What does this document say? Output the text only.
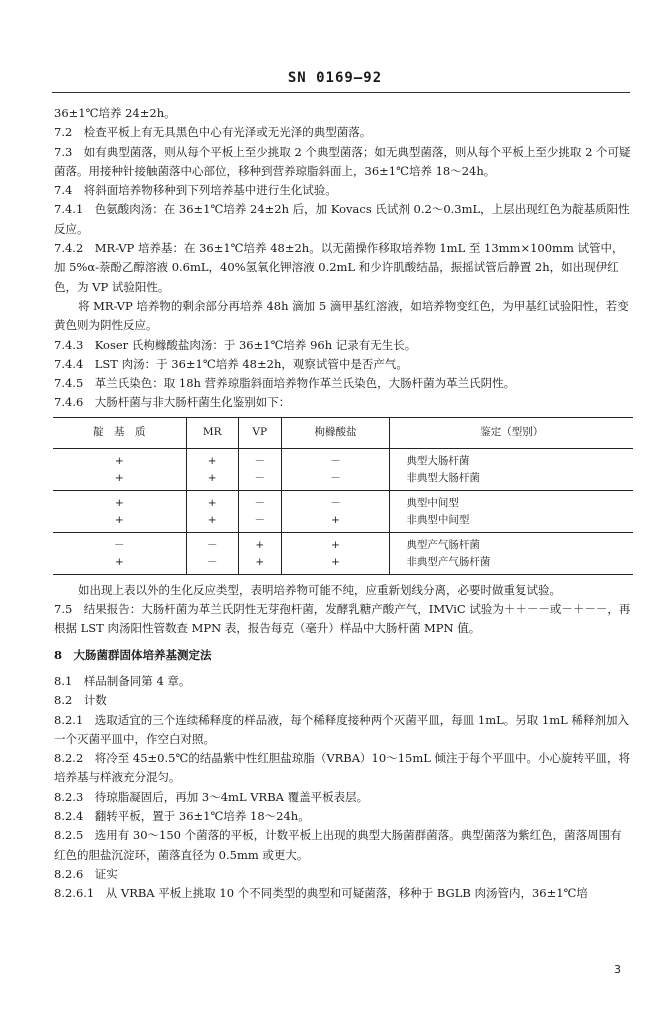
SN 0169—92

36±1℃培养 24±2h。

7.2　检查平板上有无具黑色中心有光泽或无光泽的典型菌落。

7.3　如有典型菌落，则从每个平板上至少挑取 2 个典型菌落；如无典型菌落，则从每个平板上至少挑取 2 个可疑菌落。用接种针接触菌落中心部位，移种到营养琼脂斜面上，36±1℃培养 18～24h。

7.4　将斜面培养物移种到下列培养基中进行生化试验。

7.4.1　色氨酸肉汤：在 36±1℃培养 24±2h 后，加 Kovacs 氏试剂 0.2～0.3mL，上层出现红色为靛基质阳性反应。

7.4.2　MR-VP 培养基：在 36±1℃培养 48±2h。以无菌操作移取培养物 1mL 至 13mm×100mm 试管中，加 5%α-萘酚乙醇溶液 0.6mL，40%氢氧化钾溶液 0.2mL 和少许肌酸结晶，振摇试管后静置 2h，如出现伊红色，为 VP 试验阳性。

将 MR-VP 培养物的剩余部分再培养 48h 滴加 5 滴甲基红溶液，如培养物变红色，为甲基红试验阳性，若变黄色则为阴性反应。

7.4.3　Koser 氏枸橼酸盐肉汤：于 36±1℃培养 96h 记录有无生长。

7.4.4　LST 肉汤：于 36±1℃培养 48±2h，观察试管中是否产气。

7.4.5　革兰氏染色：取 18h 营养琼脂斜面培养物作革兰氏染色，大肠杆菌为革兰氏阴性。

7.4.6　大肠杆菌与非大肠杆菌生化鉴别如下：

靛　基　质	MR	VP	枸橼酸盐	鉴定（型别）
+	+	－	－	典型大肠杆菌
+	+	－	－	非典型大肠杆菌
+	+	－	－	典型中间型
+	+	－	+	非典型中间型
－	－	+	+	典型产气肠杆菌
+	－	+	+	非典型产气肠杆菌

如出现上表以外的生化反应类型，表明培养物可能不纯，应重新划线分离，必要时做重复试验。

7.5　结果报告：大肠杆菌为革兰氏阴性无芽孢杆菌，发酵乳糖产酸产气，IMViC 试验为＋＋－－或－＋－－，再根据 LST 肉汤阳性管数查 MPN 表，报告每克（毫升）样品中大肠杆菌 MPN 值。

8　大肠菌群固体培养基测定法

8.1　样品制备同第 4 章。

8.2　计数

8.2.1　选取适宜的三个连续稀释度的样品液，每个稀释度接种两个灭菌平皿，每皿 1mL。另取 1mL 稀释剂加入一个灭菌平皿中，作空白对照。

8.2.2　将冷至 45±0.5℃的结晶紫中性红胆盐琼脂（VRBA）10～15mL 倾注于每个平皿中。小心旋转平皿，将培养基与样液充分混匀。

8.2.3　待琼脂凝固后，再加 3～4mL VRBA 覆盖平板表层。

8.2.4　翻转平板，置于 36±1℃培养 18～24h。

8.2.5　选用有 30～150 个菌落的平板，计数平板上出现的典型大肠菌群菌落。典型菌落为紫红色，菌落周围有红色的胆盐沉淀环，菌落直径为 0.5mm 或更大。

8.2.6　证实

8.2.6.1　从 VRBA 平板上挑取 10 个不同类型的典型和可疑菌落，移种于 BGLB 肉汤管内，36±1℃培

3
